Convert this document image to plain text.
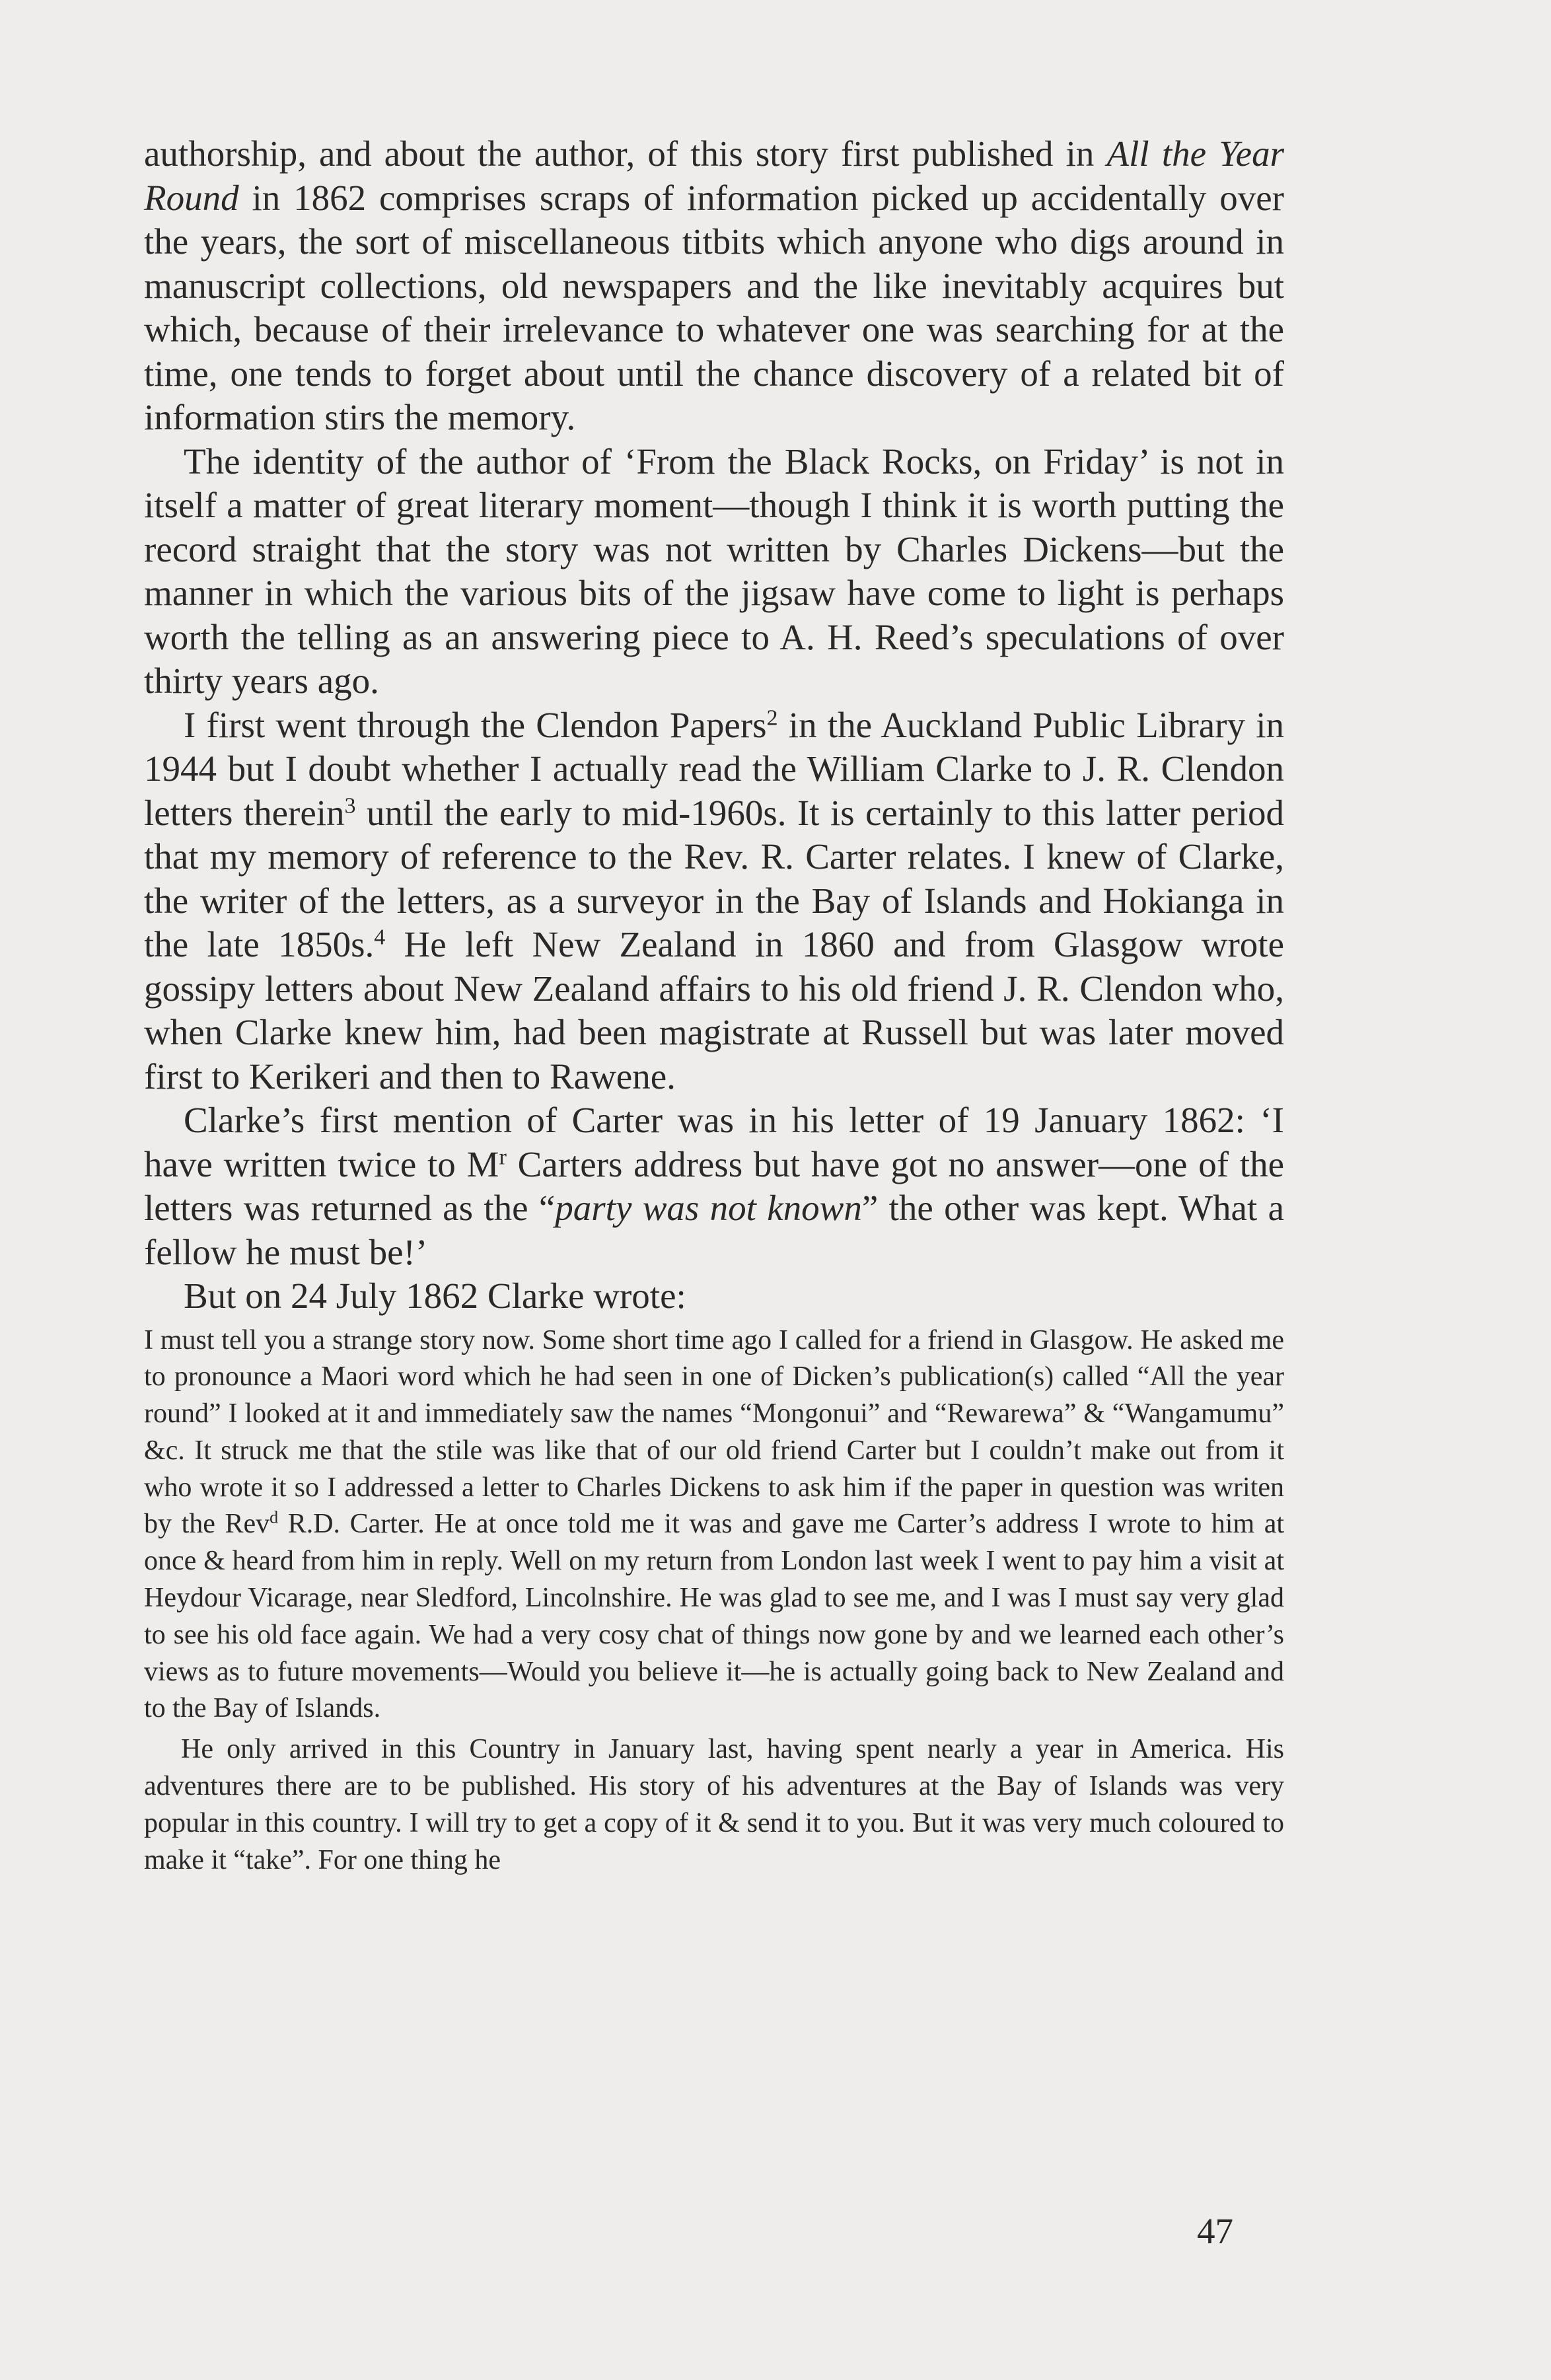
authorship, and about the author, of this story first published in All the Year Round in 1862 comprises scraps of information picked up accidentally over the years, the sort of miscellaneous titbits which anyone who digs around in manuscript collections, old newspapers and the like inevitably acquires but which, because of their irrelevance to whatever one was searching for at the time, one tends to forget about until the chance discovery of a related bit of information stirs the memory.

The identity of the author of ‘From the Black Rocks, on Friday’ is not in itself a matter of great literary moment—though I think it is worth putting the record straight that the story was not written by Charles Dickens—but the manner in which the various bits of the jigsaw have come to light is perhaps worth the telling as an answering piece to A. H. Reed’s speculations of over thirty years ago.

I first went through the Clendon Papers$^2$ in the Auckland Public Library in 1944 but I doubt whether I actually read the William Clarke to J. R. Clendon letters therein$^3$ until the early to mid-1960s. It is certainly to this latter period that my memory of reference to the Rev. R. Carter relates. I knew of Clarke, the writer of the letters, as a surveyor in the Bay of Islands and Hokianga in the late 1850s.$^4$ He left New Zealand in 1860 and from Glasgow wrote gossipy letters about New Zealand affairs to his old friend J. R. Clendon who, when Clarke knew him, had been magistrate at Russell but was later moved first to Kerikeri and then to Rawene.

Clarke’s first mention of Carter was in his letter of 19 January 1862: ‘I have written twice to $M^r$ Carters address but have got no answer—one of the letters was returned as the “party was not known” the other was kept. What a fellow he must be!’

But on 24 July 1862 Clarke wrote:

I must tell you a strange story now. Some short time ago I called for a friend in Glasgow. He asked me to pronounce a Maori word which he had seen in one of Dicken’s publication(s) called “All the year round” I looked at it and immediately saw the names “Mongonui” and “Rewarewa” & “Wangamumu” &c. It struck me that the stile was like that of our old friend Carter but I couldn’t make out from it who wrote it so I addressed a letter to Charles Dickens to ask him if the paper in question was writen by the Rev$^d$ R.D. Carter. He at once told me it was and gave me Carter’s address I wrote to him at once & heard from him in reply. Well on my return from London last week I went to pay him a visit at Heydour Vicarage, near Sledford, Lincolnshire. He was glad to see me, and I was I must say very glad to see his old face again. We had a very cosy chat of things now gone by and we learned each other’s views as to future movements—Would you believe it—he is actually going back to New Zealand and to the Bay of Islands.

He only arrived in this Country in January last, having spent nearly a year in America. His adventures there are to be published. His story of his adventures at the Bay of Islands was very popular in this country. I will try to get a copy of it & send it to you. But it was very much coloured to make it “take”. For one thing he

47
